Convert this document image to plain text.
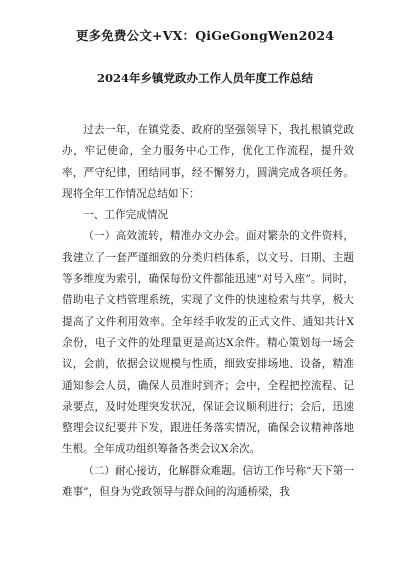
更多免费公文+VX：QiGeGongWen2024
2024年乡镇党政办工作人员年度工作总结

过去一年，在镇党委、政府的坚强领导下，我扎根镇党政办，牢记使命，全力服务中心工作，优化工作流程，提升效率，严守纪律，团结同事，经不懈努力，圆满完成各项任务。现将全年工作情况总结如下：

一、工作完成情况

（一）高效流转，精准办文办会。面对繁杂的文件资料，我建立了一套严谨细致的分类归档体系，以文号、日期、主题等多维度为索引，确保每份文件都能迅速“对号入座”。同时，借助电子文档管理系统，实现了文件的快速检索与共享，极大提高了文件利用效率。全年经手收发的正式文件、通知共计X余份，电子文件的处理量更是高达X余件。精心策划每一场会议，会前，依据会议规模与性质，细致安排场地、设备，精准通知参会人员，确保人员准时到齐；会中，全程把控流程、记录要点，及时处理突发状况，保证会议顺利进行；会后，迅速整理会议纪要并下发，跟进任务落实情况，确保会议精神落地生根。全年成功组织筹备各类会议X余次。

（二）耐心接访，化解群众难题。信访工作号称“天下第一难事”，但身为党政领导与群众间的沟通桥梁，我
